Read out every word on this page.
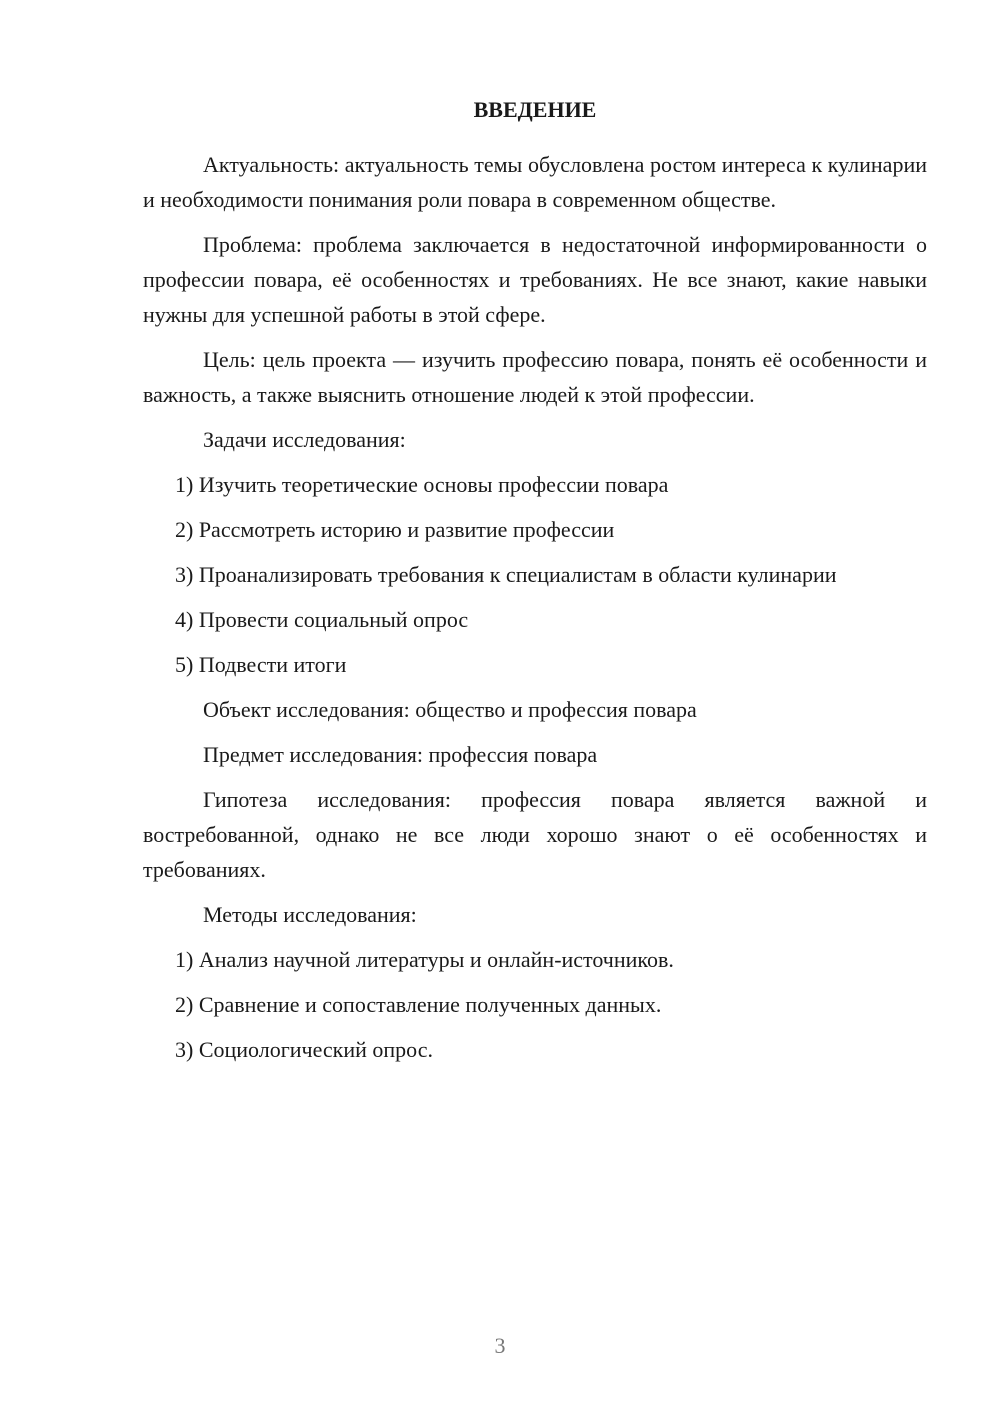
ВВЕДЕНИЕ

Актуальность: актуальность темы обусловлена ростом интереса к кулинарии и необходимости понимания роли повара в современном обществе.

Проблема: проблема заключается в недостаточной информированности о профессии повара, её особенностях и требованиях. Не все знают, какие навыки нужны для успешной работы в этой сфере.

Цель: цель проекта — изучить профессию повара, понять её особенности и важность, а также выяснить отношение людей к этой профессии.

Задачи исследования:

1) Изучить теоретические основы профессии повара

2) Рассмотреть историю и развитие профессии

3) Проанализировать требования к специалистам в области кулинарии

4) Провести социальный опрос

5) Подвести итоги

Объект исследования: общество и профессия повара

Предмет исследования: профессия повара

Гипотеза исследования: профессия повара является важной и востребованной, однако не все люди хорошо знают о её особенностях и требованиях.

Методы исследования:

1) Анализ научной литературы и онлайн-источников.

2) Сравнение и сопоставление полученных данных.

3) Социологический опрос.

3
